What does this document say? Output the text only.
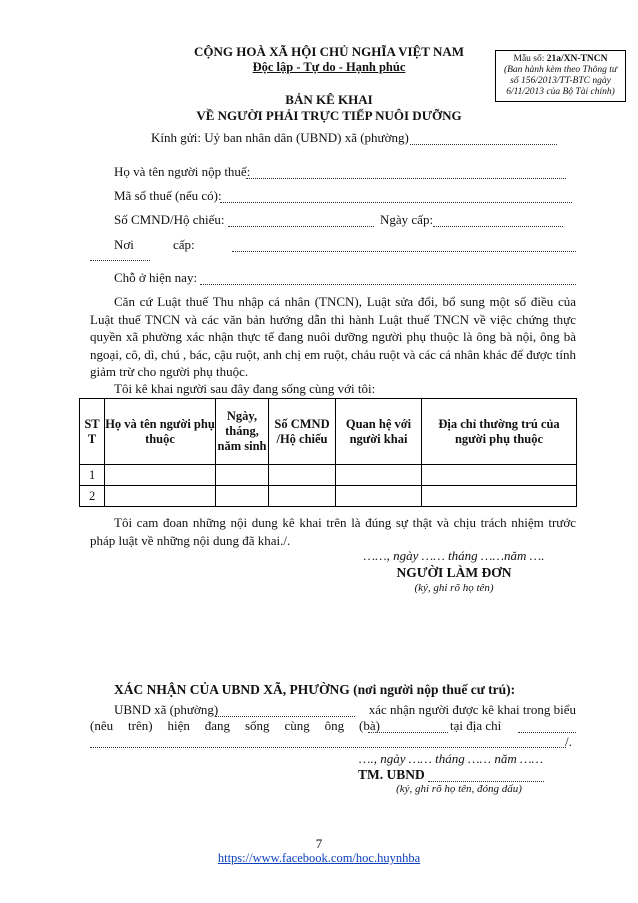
CỘNG HOÀ XÃ HỘI CHỦ NGHĨA VIỆT NAM
Độc lập - Tự do - Hạnh phúc
Mẫu số: 21a/XN-TNCN
(Ban hành kèm theo Thông tư số 156/2013/TT-BTC ngày 6/11/2013 của Bộ Tài chính)
BẢN KÊ KHAI
VỀ NGƯỜI PHẢI TRỰC TIẾP NUÔI DƯỠNG
Kính gửi: Uỷ ban nhân dân (UBND) xã (phường)
Họ và tên người nộp thuế:
Mã số thuế (nếu có):
Số CMND/Hộ chiếu:	Ngày cấp:
Nơi	cấp:
Chỗ ở hiện nay:
Căn cứ Luật thuế Thu nhập cá nhân (TNCN), Luật sửa đổi, bổ sung một số điều của Luật thuế TNCN và các văn bản hướng dẫn thi hành Luật thuế TNCN về việc chứng thực quyền xã phường xác nhận thực tế đang nuôi dưỡng người phụ thuộc là ông bà nội, ông bà ngoại, cô, dì, chú , bác, cậu ruột, anh chị em ruột, cháu ruột và các cá nhân khác để được tính giảm trừ cho người phụ thuộc.
Tôi kê khai người sau đây đang sống cùng với tôi:
ST T	Họ và tên người phụ thuộc	Ngày, tháng, năm sinh	Số CMND /Hộ chiếu	Quan hệ với người khai	Địa chỉ thường trú của người phụ thuộc
1					
2					
Tôi cam đoan những nội dung kê khai trên là đúng sự thật và chịu trách nhiệm trước pháp luật về những nội dung đã khai./.
……, ngày …… tháng ……năm ….
NGƯỜI LÀM ĐƠN
(ký, ghi rõ họ tên)
XÁC NHẬN CỦA UBND XÃ, PHƯỜNG (nơi người nộp thuế cư trú):
UBND xã (phường)	xác nhận người được kê khai trong biểu
(nêu trên) hiện đang sống cùng ông (bà)	tại địa chỉ
/.
…., ngày …… tháng …… năm ……
TM. UBND
(ký, ghi rõ họ tên, đóng dấu)
7
https://www.facebook.com/hoc.huynhba
